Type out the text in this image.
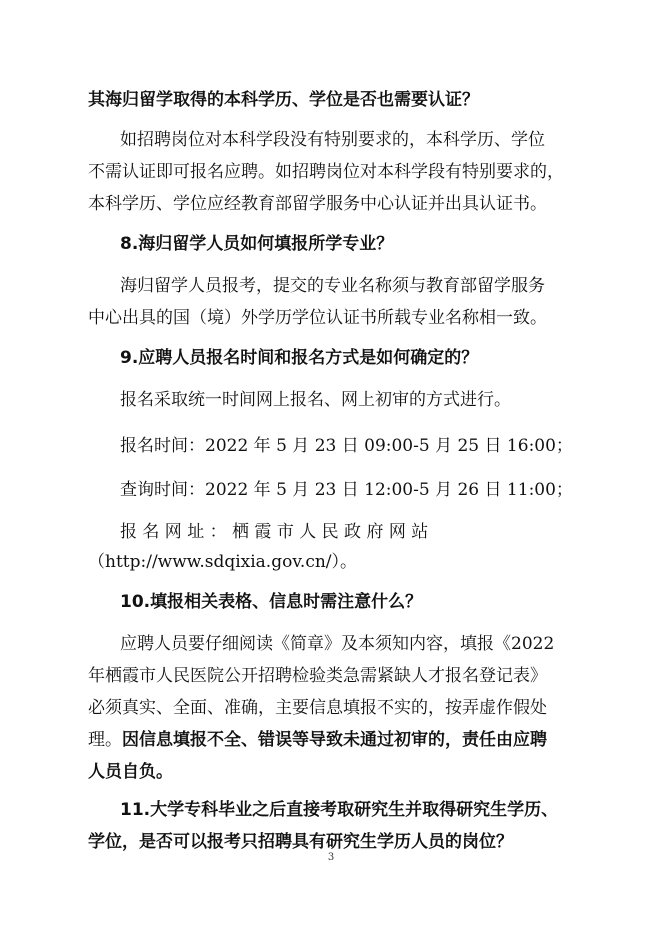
其海归留学取得的本科学历、学位是否也需要认证？
如招聘岗位对本科学段没有特别要求的，本科学历、学位
不需认证即可报名应聘。如招聘岗位对本科学段有特别要求的，
本科学历、学位应经教育部留学服务中心认证并出具认证书。
8.海归留学人员如何填报所学专业？
海归留学人员报考，提交的专业名称须与教育部留学服务
中心出具的国（境）外学历学位认证书所载专业名称相一致。
9.应聘人员报名时间和报名方式是如何确定的？
报名采取统一时间网上报名、网上初审的方式进行。
报名时间：2022 年 5 月 23 日 09:00-5 月 25 日 16:00；
查询时间：2022 年 5 月 23 日 12:00-5 月 26 日 11:00；
报 名 网 址 ： 栖 霞 市 人 民 政 府 网 站
（http://www.sdqixia.gov.cn/）。
10.填报相关表格、信息时需注意什么？
应聘人员要仔细阅读《简章》及本须知内容，填报《2022
年栖霞市人民医院公开招聘检验类急需紧缺人才报名登记表》
必须真实、全面、准确，主要信息填报不实的，按弄虚作假处
理。因信息填报不全、错误等导致未通过初审的，责任由应聘
人员自负。
11.大学专科毕业之后直接考取研究生并取得研究生学历、
学位，是否可以报考只招聘具有研究生学历人员的岗位？
3
